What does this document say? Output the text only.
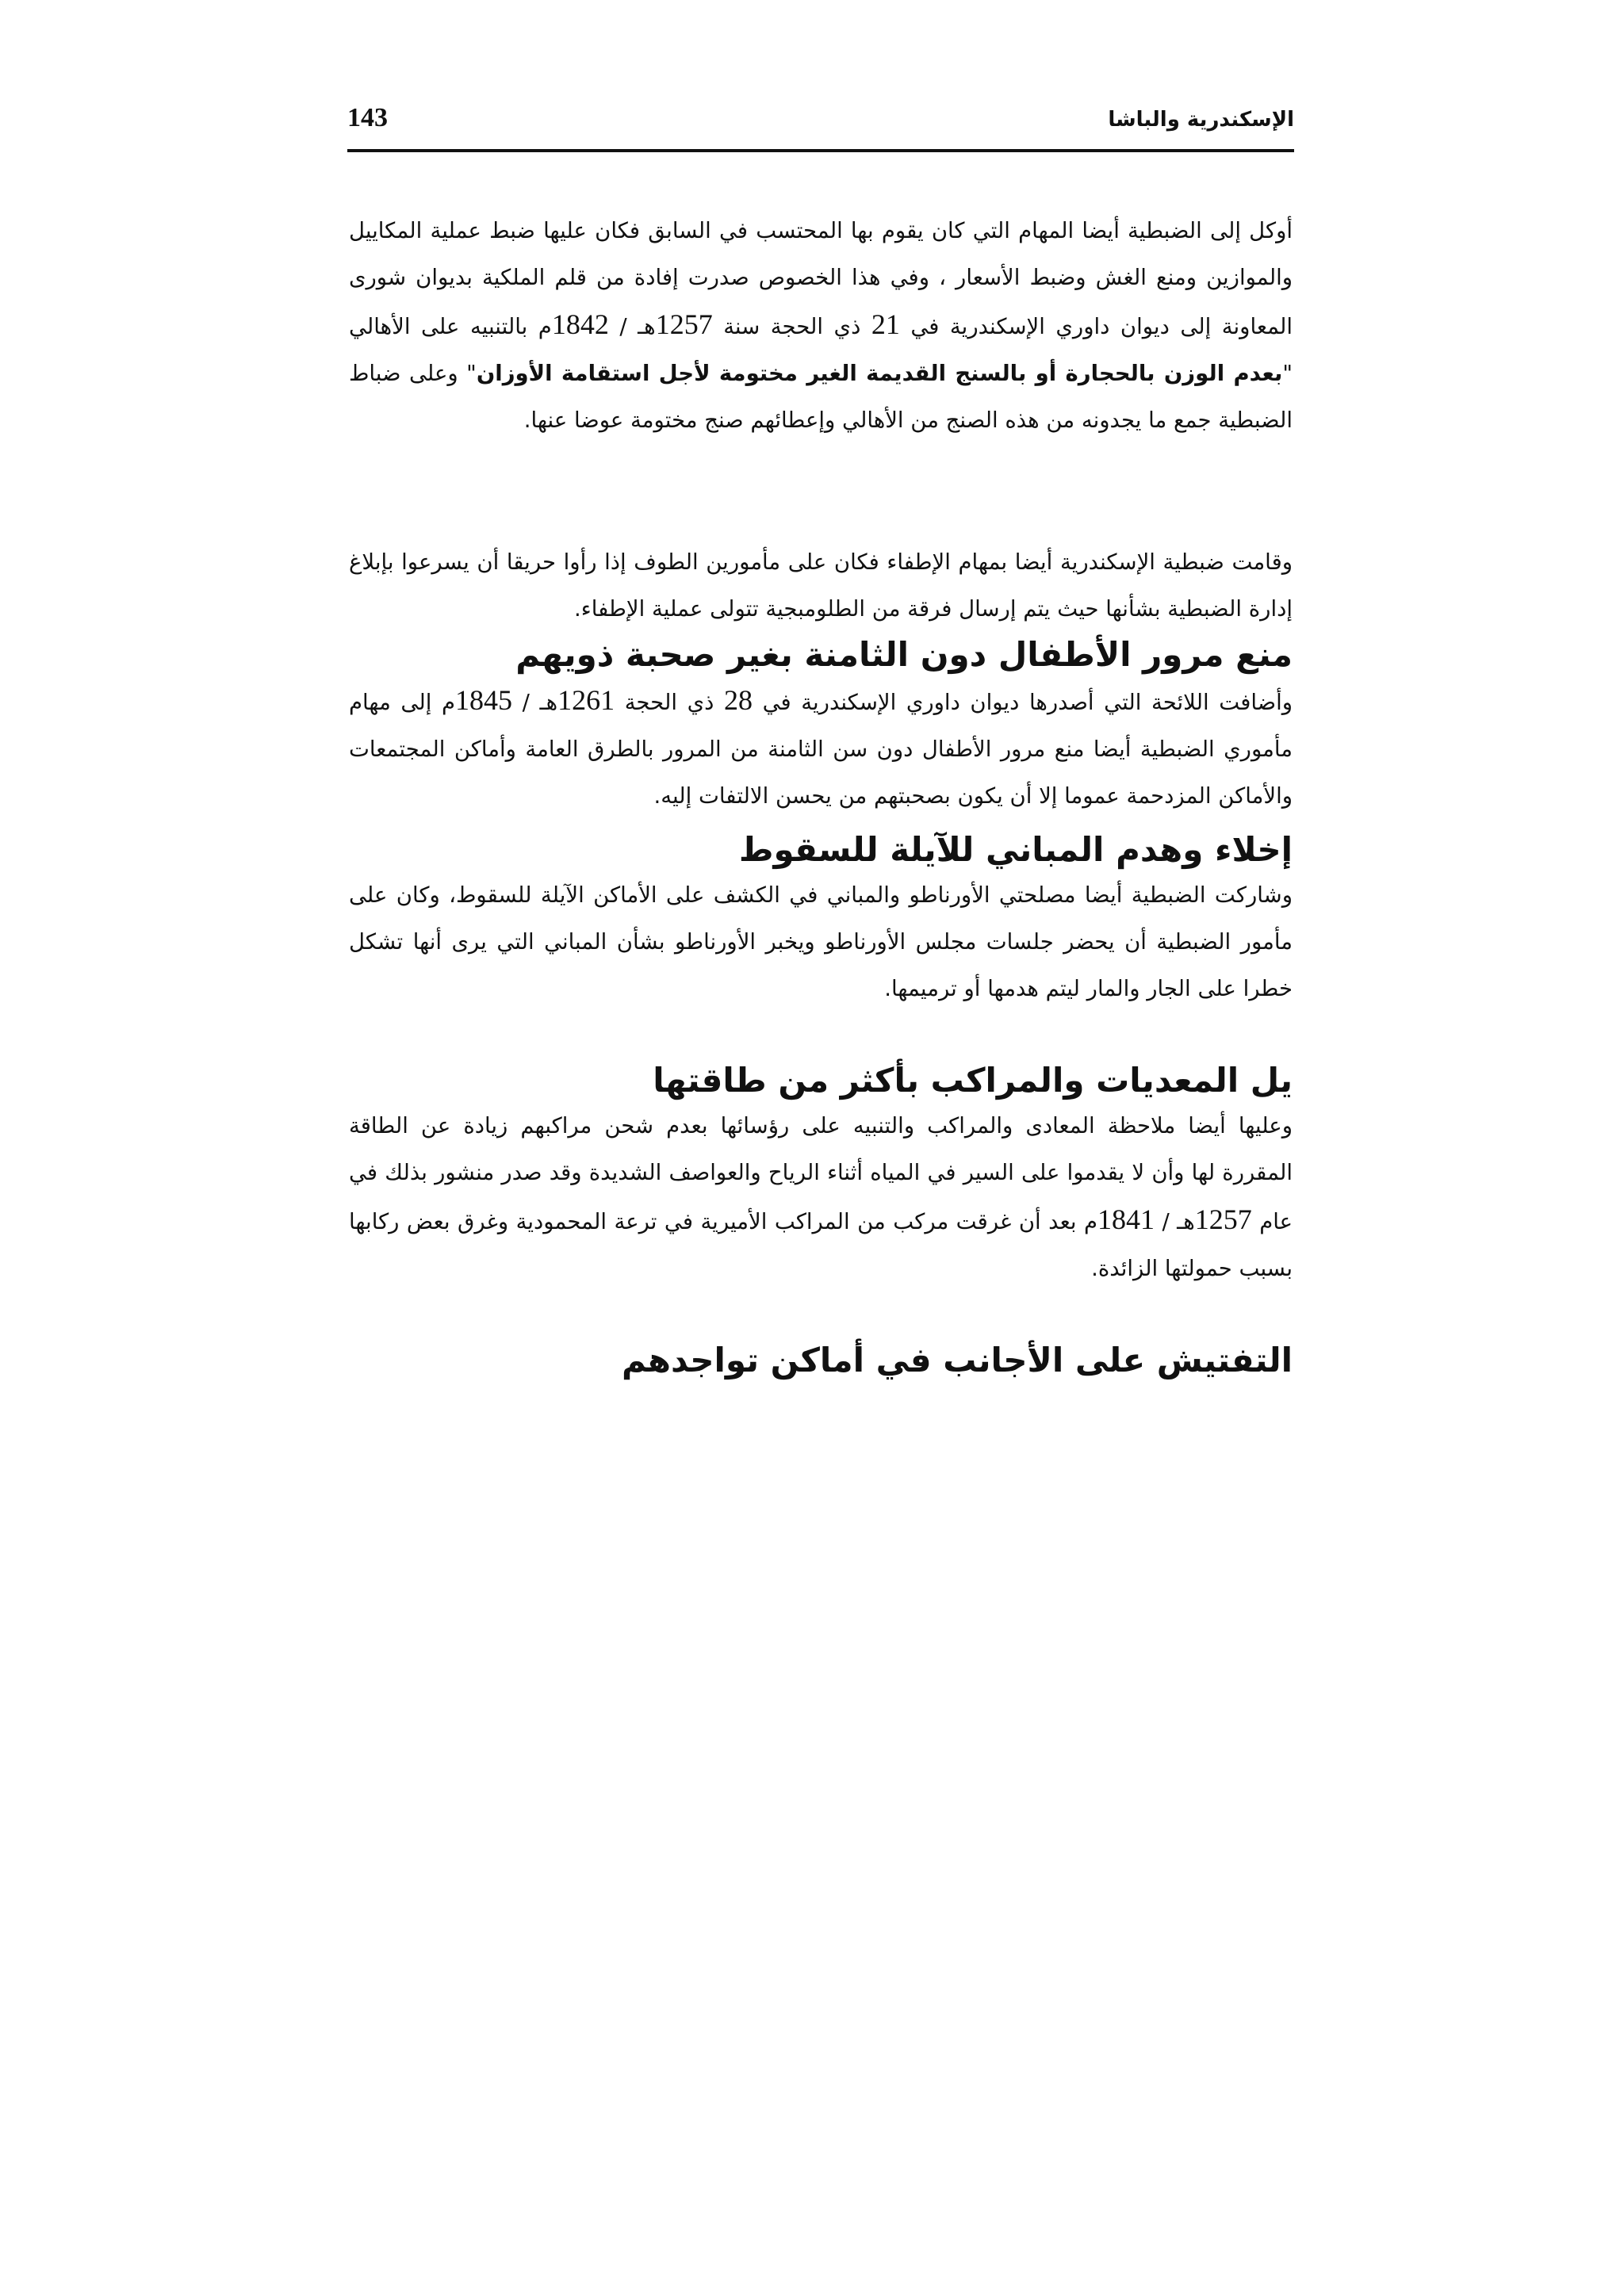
الإسكندرية والباشا
143

أوكل إلى الضبطية أيضا المهام التي كان يقوم بها المحتسب في السابق فكان عليها ضبط عملية المكاييل والموازين ومنع الغش وضبط الأسعار ، وفي هذا الخصوص صدرت إفادة من قلم الملكية بديوان شورى المعاونة إلى ديوان داوري الإسكندرية في 21 ذي الحجة سنة 1257هـ / 1842م بالتنبيه على الأهالي "بعدم الوزن بالحجارة أو بالسنج القديمة الغير مختومة لأجل استقامة الأوزان" وعلى ضباط الضبطية جمع ما يجدونه من هذه الصنج من الأهالي وإعطائهم صنج مختومة عوضا عنها.

وقامت ضبطية الإسكندرية أيضا بمهام الإطفاء فكان على مأمورين الطوف إذا رأوا حريقا أن يسرعوا بإبلاغ إدارة الضبطية بشأنها حيث يتم إرسال فرقة من الطلومبجية تتولى عملية الإطفاء.

منع مرور الأطفال دون الثامنة بغير صحبة ذويهم

وأضافت اللائحة التي أصدرها ديوان داوري الإسكندرية في 28 ذي الحجة 1261هـ / 1845م إلى مهام مأموري الضبطية أيضا منع مرور الأطفال دون سن الثامنة من المرور بالطرق العامة وأماكن المجتمعات والأماكن المزدحمة عموما إلا أن يكون بصحبتهم من يحسن الالتفات إليه.

إخلاء وهدم المباني للآيلة للسقوط

وشاركت الضبطية أيضا مصلحتي الأورناطو والمباني في الكشف على الأماكن الآيلة للسقوط، وكان على مأمور الضبطية أن يحضر جلسات مجلس الأورناطو ويخبر الأورناطو بشأن المباني التي يرى أنها تشكل خطرا على الجار والمار ليتم هدمها أو ترميمها.

يل المعديات والمراكب بأكثر من طاقتها

وعليها أيضا ملاحظة المعادى والمراكب والتنبيه على رؤسائها بعدم شحن مراكبهم زيادة عن الطاقة المقررة لها وأن لا يقدموا على السير في المياه أثناء الرياح والعواصف الشديدة وقد صدر منشور بذلك في عام 1257هـ / 1841م بعد أن غرقت مركب من المراكب الأميرية في ترعة المحمودية وغرق بعض ركابها بسبب حمولتها الزائدة.

التفتيش على الأجانب في أماكن تواجدهم
